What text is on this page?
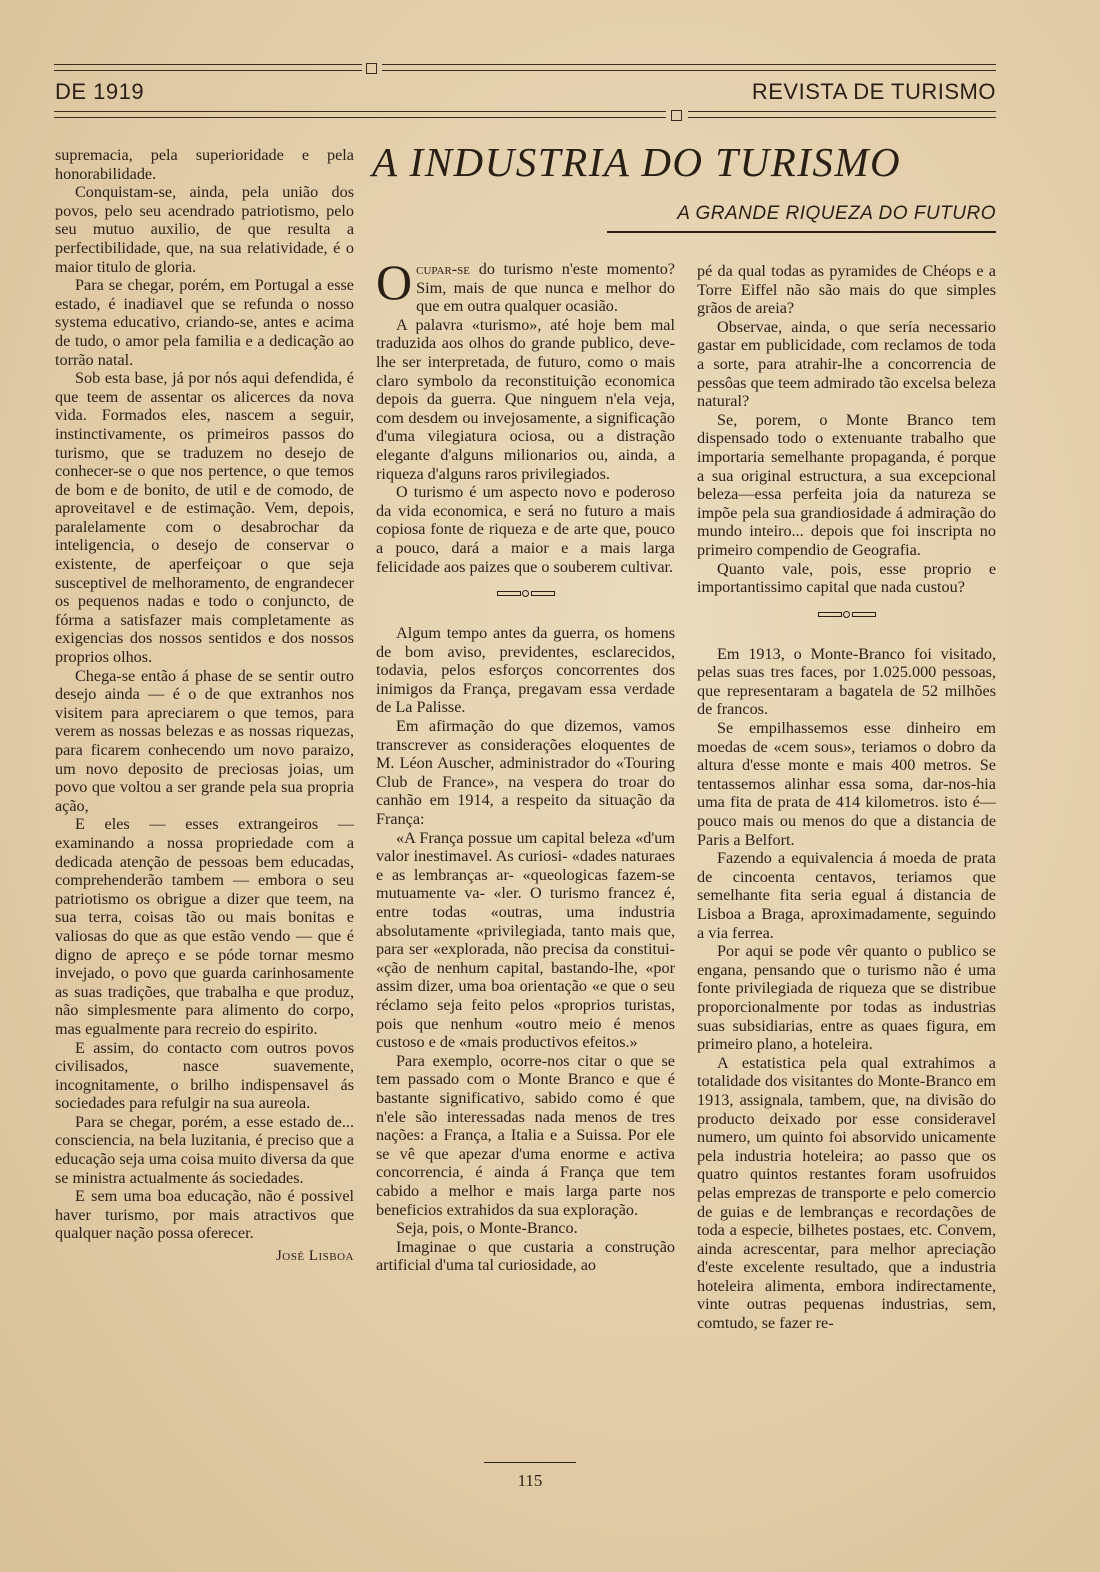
DE 1919	REVISTA DE TURISMO

supremacia, pela superioridade e pela honorabilidade.

Conquistam-se, ainda, pela união dos povos, pelo seu acendrado patriotismo, pelo seu mutuo auxilio, de que resulta a perfectibilidade, que, na sua relatividade, é o maior titulo de gloria.

Para se chegar, porém, em Portugal a esse estado, é inadiavel que se refunda o nosso systema educativo, criando-se, antes e acima de tudo, o amor pela familia e a dedicação ao torrão natal.

Sob esta base, já por nós aqui defendida, é que teem de assentar os alicerces da nova vida. Formados eles, nascem a seguir, instinctivamente, os primeiros passos do turismo, que se traduzem no desejo de conhecer-se o que nos pertence, o que temos de bom e de bonito, de util e de comodo, de aproveitavel e de estimação. Vem, depois, paralelamente com o desabrochar da inteligencia, o desejo de conservar o existente, de aperfeiçoar o que seja susceptivel de melhoramento, de engrandecer os pequenos nadas e todo o conjuncto, de fórma a satisfazer mais completamente as exigencias dos nossos sentidos e dos nossos proprios olhos.

Chega-se então á phase de se sentir outro desejo ainda — é o de que extranhos nos visitem para apreciarem o que temos, para verem as nossas belezas e as nossas riquezas, para ficarem conhecendo um novo paraizo, um novo deposito de preciosas joias, um povo que voltou a ser grande pela sua propria ação,

E eles — esses extrangeiros — examinando a nossa propriedade com a dedicada atenção de pessoas bem educadas, comprehenderão tambem — embora o seu patriotismo os obrigue a dizer que teem, na sua terra, coisas tão ou mais bonitas e valiosas do que as que estão vendo — que é digno de apreço e se póde tornar mesmo invejado, o povo que guarda carinhosamente as suas tradições, que trabalha e que produz, não simplesmente para alimento do corpo, mas egualmente para recreio do espirito.

E assim, do contacto com outros povos civilisados, nasce suavemente, incognitamente, o brilho indispensavel ás sociedades para refulgir na sua aureola.

Para se chegar, porém, a esse estado de... consciencia, na bela luzitania, é preciso que a educação seja uma coisa muito diversa da que se ministra actualmente ás sociedades.

E sem uma boa educação, não é possivel haver turismo, por mais atractivos que qualquer nação possa oferecer.

José Lisboa
A INDUSTRIA DO TURISMO
A GRANDE RIQUEZA DO FUTURO

Ocupar-se do turismo n'este momento? Sim, mais de que nunca e melhor do que em outra qualquer ocasião.

A palavra «turismo», até hoje bem mal traduzida aos olhos do grande publico, deve-lhe ser interpretada, de futuro, como o mais claro symbolo da reconstituição economica depois da guerra. Que ninguem n'ela veja, com desdem ou invejosamente, a significação d'uma vilegiatura ociosa, ou a distração elegante d'alguns milionarios ou, ainda, a riqueza d'alguns raros privilegiados.

O turismo é um aspecto novo e poderoso da vida economica, e será no futuro a mais copiosa fonte de riqueza e de arte que, pouco a pouco, dará a maior e a mais larga felicidade aos paizes que o souberem cultivar.

Algum tempo antes da guerra, os homens de bom aviso, previdentes, esclarecidos, todavia, pelos esforços concorrentes dos inimigos da França, pregavam essa verdade de La Palisse.

Em afirmação do que dizemos, vamos transcrever as considerações eloquentes de M. Léon Auscher, administrador do «Touring Club de France», na vespera do troar do canhão em 1914, a respeito da situação da França:

«A França possue um capital beleza «d'um valor inestimavel. As curiosi- «dades naturaes e as lembranças ar- «queologicas fazem-se mutuamente va- «ler. O turismo francez é, entre todas «outras, uma industria absolutamente «privilegiada, tanto mais que, para ser «explorada, não precisa da constitui- «ção de nenhum capital, bastando-lhe, «por assim dizer, uma boa orientação «e que o seu réclamo seja feito pelos «proprios turistas, pois que nenhum «outro meio é menos custoso e de «mais productivos efeitos.»

Para exemplo, ocorre-nos citar o que se tem passado com o Monte Branco e que é bastante significativo, sabido como é que n'ele são interessadas nada menos de tres nações: a França, a Italia e a Suissa. Por ele se vê que apezar d'uma enorme e activa concorrencia, é ainda á França que tem cabido a melhor e mais larga parte nos beneficios extrahidos da sua exploração.

Seja, pois, o Monte-Branco.

Imaginae o que custaria a construção artificial d'uma tal curiosidade, ao

pé da qual todas as pyramides de Chéops e a Torre Eiffel não são mais do que simples grãos de areia?

Observae, ainda, o que sería necessario gastar em publicidade, com reclamos de toda a sorte, para atrahir-lhe a concorrencia de pessôas que teem admirado tão excelsa beleza natural?

Se, porem, o Monte Branco tem dispensado todo o extenuante trabalho que importaria semelhante propaganda, é porque a sua original estructura, a sua excepcional beleza—essa perfeita joia da natureza se impõe pela sua grandiosidade á admiração do mundo inteiro... depois que foi inscripta no primeiro compendio de Geografia.

Quanto vale, pois, esse proprio e importantissimo capital que nada custou?

Em 1913, o Monte-Branco foi visitado, pelas suas tres faces, por 1.025.000 pessoas, que representaram a bagatela de 52 milhões de francos.

Se empilhassemos esse dinheiro em moedas de «cem sous», teriamos o dobro da altura d'esse monte e mais 400 metros. Se tentassemos alinhar essa soma, dar-nos-hia uma fita de prata de 414 kilometros. isto é—pouco mais ou menos do que a distancia de Paris a Belfort.

Fazendo a equivalencia á moeda de prata de cincoenta centavos, teriamos que semelhante fita seria egual á distancia de Lisboa a Braga, aproximadamente, seguindo a via ferrea.

Por aqui se pode vêr quanto o publico se engana, pensando que o turismo não é uma fonte privilegiada de riqueza que se distribue proporcionalmente por todas as industrias suas subsidiarias, entre as quaes figura, em primeiro plano, a hoteleira.

A estatistica pela qual extrahimos a totalidade dos visitantes do Monte-Branco em 1913, assignala, tambem, que, na divisão do producto deixado por esse consideravel numero, um quinto foi absorvido unicamente pela industria hoteleira; ao passo que os quatro quintos restantes foram usofruidos pelas emprezas de transporte e pelo comercio de guias e de lembranças e recordações de toda a especie, bilhetes postaes, etc. Convem, ainda acrescentar, para melhor apreciação d'este excelente resultado, que a industria hoteleira alimenta, embora indirectamente, vinte outras pequenas industrias, sem, comtudo, se fazer re-

115
